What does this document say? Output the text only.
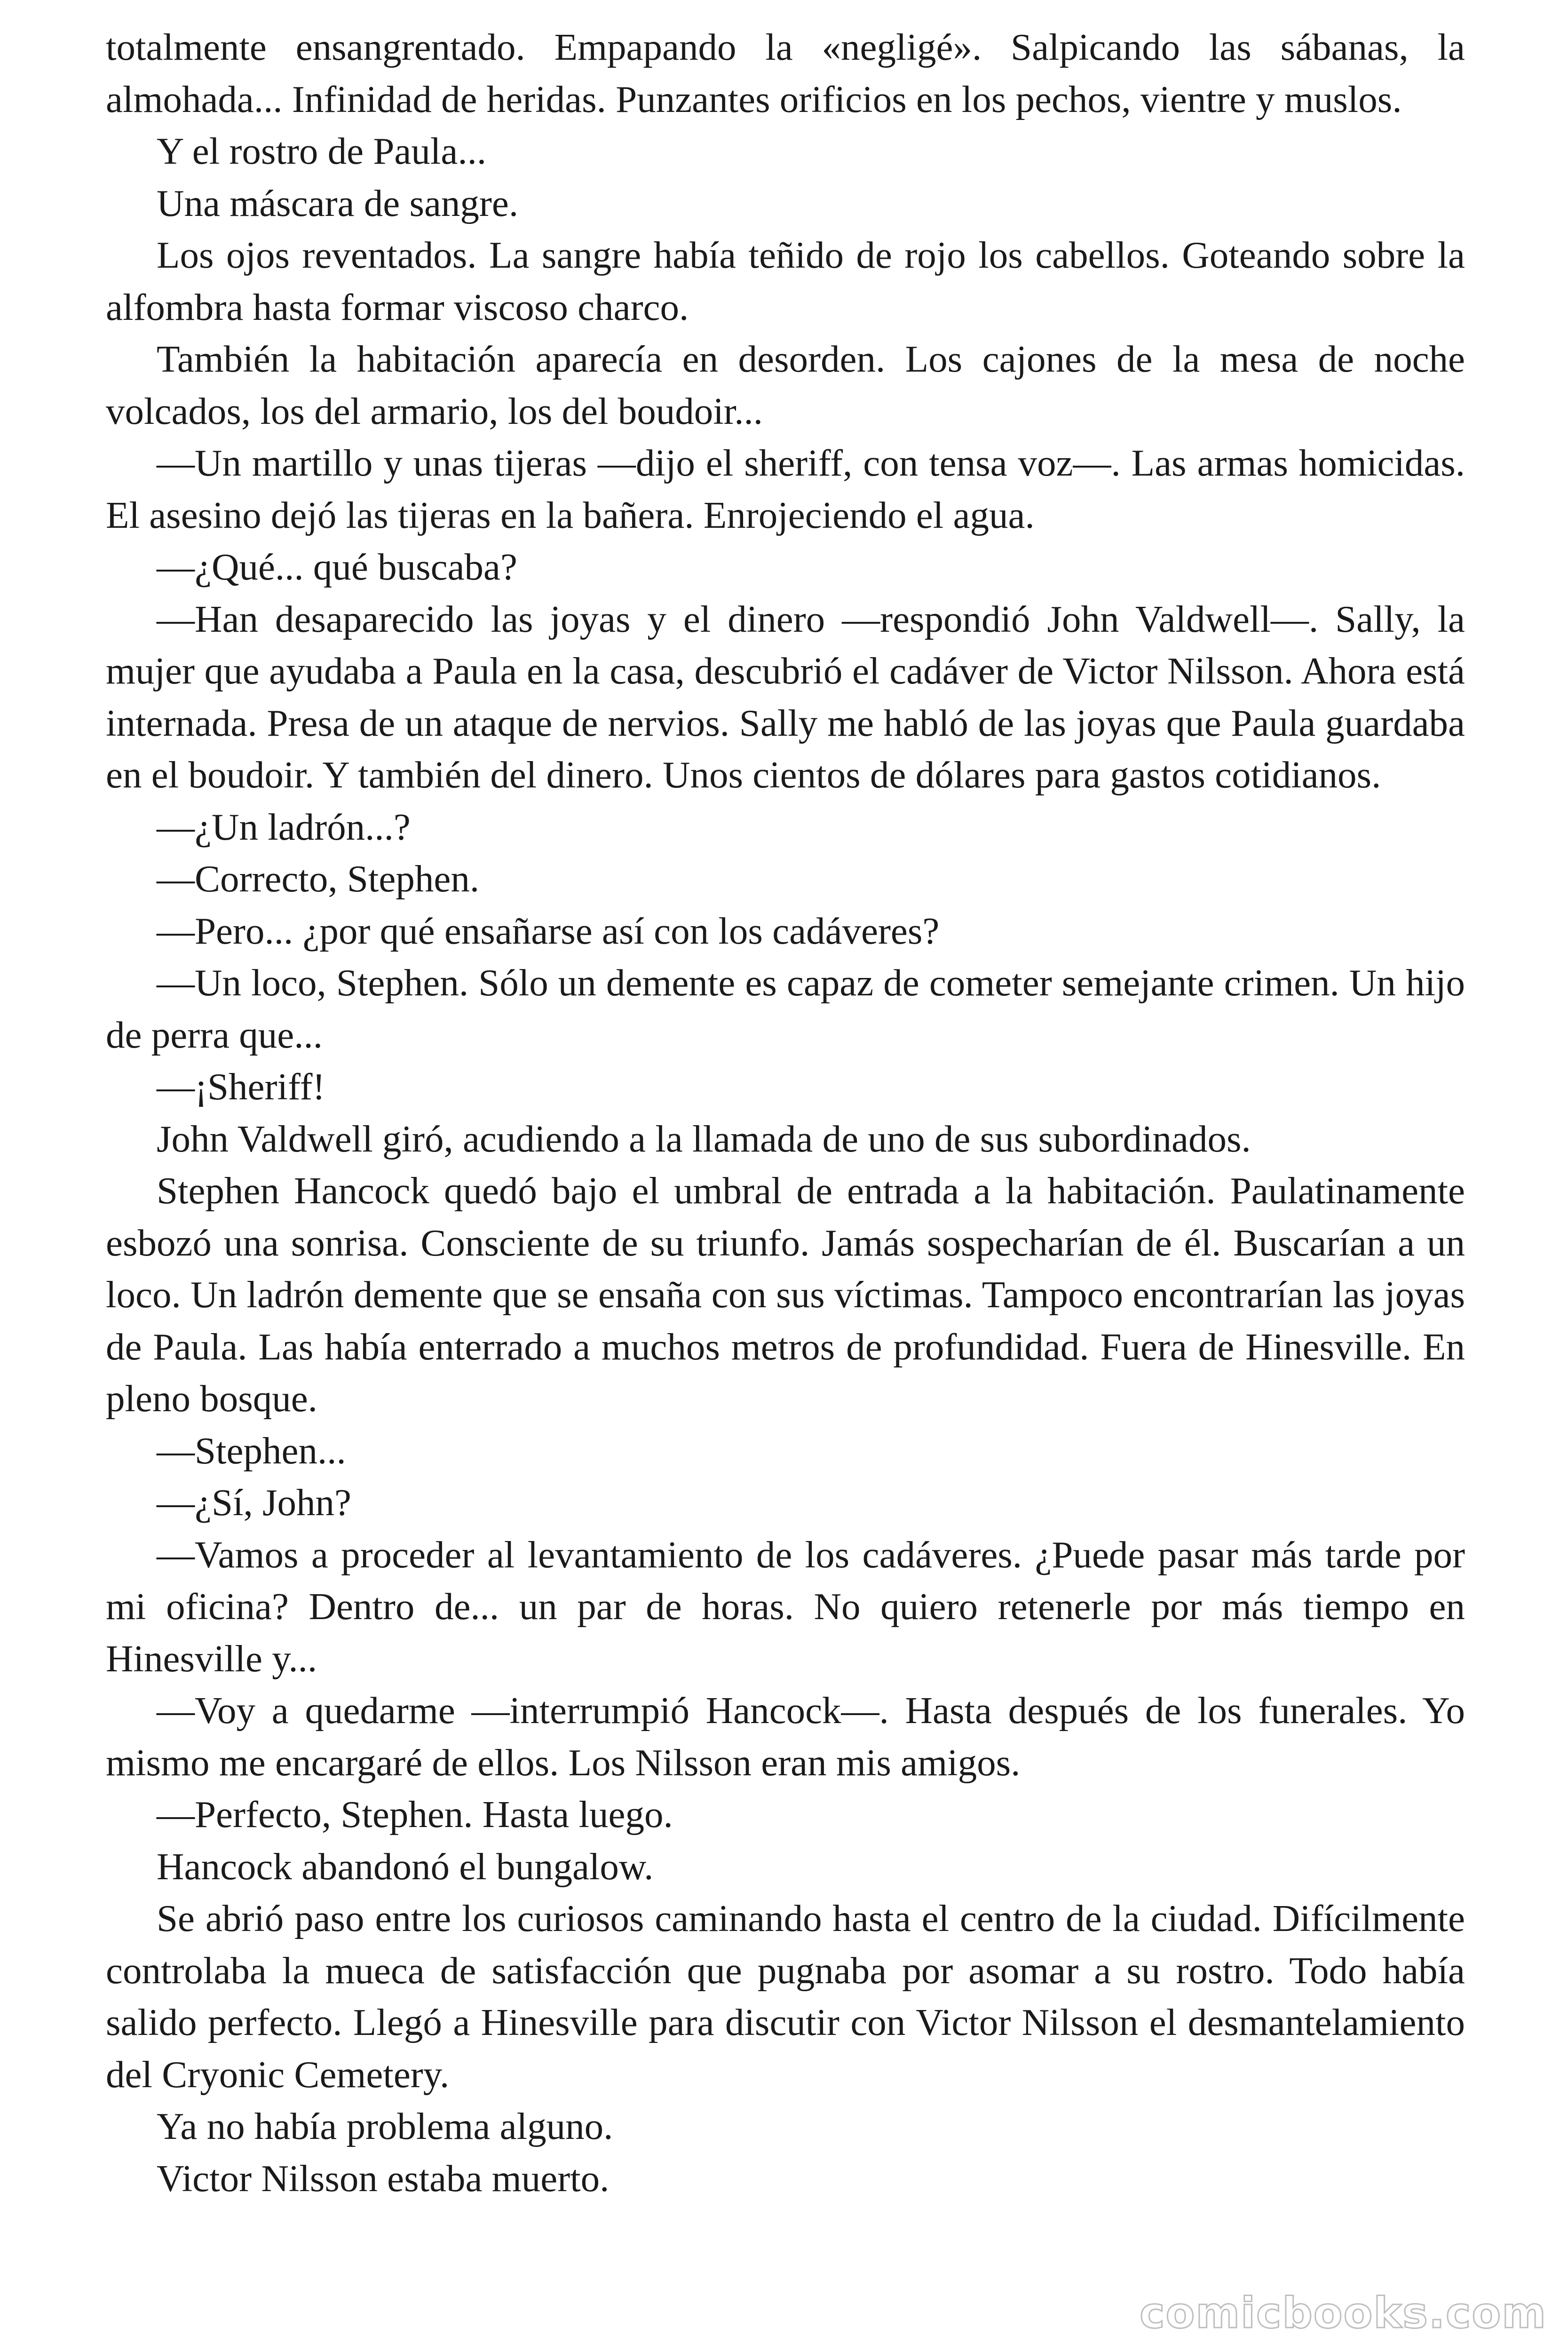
totalmente ensangrentado. Empapando la «negligé». Salpicando las sábanas, la almohada... Infinidad de heridas. Punzantes orificios en los pechos, vientre y muslos.

Y el rostro de Paula...

Una máscara de sangre.

Los ojos reventados. La sangre había teñido de rojo los cabellos. Goteando sobre la alfombra hasta formar viscoso charco.

También la habitación aparecía en desorden. Los cajones de la mesa de noche volcados, los del armario, los del boudoir...

—Un martillo y unas tijeras —dijo el sheriff, con tensa voz—. Las armas homicidas. El asesino dejó las tijeras en la bañera. Enrojeciendo el agua.

—¿Qué... qué buscaba?

—Han desaparecido las joyas y el dinero —respondió John Valdwell—. Sally, la mujer que ayudaba a Paula en la casa, descubrió el cadáver de Victor Nilsson. Ahora está internada. Presa de un ataque de nervios. Sally me habló de las joyas que Paula guardaba en el boudoir. Y también del dinero. Unos cientos de dólares para gastos cotidianos.

—¿Un ladrón...?

—Correcto, Stephen.

—Pero... ¿por qué ensañarse así con los cadáveres?

—Un loco, Stephen. Sólo un demente es capaz de cometer semejante crimen. Un hijo de perra que...

—¡Sheriff!

John Valdwell giró, acudiendo a la llamada de uno de sus subordinados.

Stephen Hancock quedó bajo el umbral de entrada a la habitación. Paulatinamente esbozó una sonrisa. Consciente de su triunfo. Jamás sospecharían de él. Buscarían a un loco. Un ladrón demente que se ensaña con sus víctimas. Tampoco encontrarían las joyas de Paula. Las había enterrado a muchos metros de profundidad. Fuera de Hinesville. En pleno bosque.

—Stephen...

—¿Sí, John?

—Vamos a proceder al levantamiento de los cadáveres. ¿Puede pasar más tarde por mi oficina? Dentro de... un par de horas. No quiero retenerle por más tiempo en Hinesville y...

—Voy a quedarme —interrumpió Hancock—. Hasta después de los funerales. Yo mismo me encargaré de ellos. Los Nilsson eran mis amigos.

—Perfecto, Stephen. Hasta luego.

Hancock abandonó el bungalow.

Se abrió paso entre los curiosos caminando hasta el centro de la ciudad. Difícilmente controlaba la mueca de satisfacción que pugnaba por asomar a su rostro. Todo había salido perfecto. Llegó a Hinesville para discutir con Victor Nilsson el desmantelamiento del Cryonic Cemetery.

Ya no había problema alguno.

Victor Nilsson estaba muerto.

comicbooks.com
